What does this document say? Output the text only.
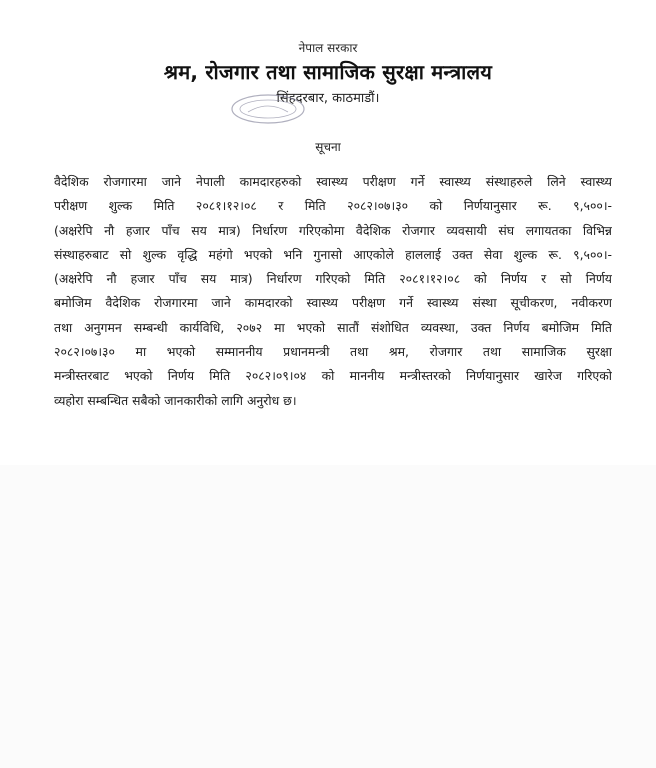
नेपाल सरकार
श्रम, रोजगार तथा सामाजिक सुरक्षा मन्त्रालय
सिंहदरबार, काठमाडौं।
सूचना
वैदेशिक रोजगारमा जाने नेपाली कामदारहरुको स्वास्थ्य परीक्षण गर्ने स्वास्थ्य संस्थाहरुले लिने स्वास्थ्य
परीक्षण शुल्क मिति २०८१।१२।०८ र मिति २०८२।०७।३० को निर्णयानुसार रू. ९,५००।-
(अक्षरेपि नौ हजार पाँच सय मात्र) निर्धारण गरिएकोमा वैदेशिक रोजगार व्यवसायी संघ लगायतका विभिन्न
संस्थाहरुबाट सो शुल्क वृद्धि महंगो भएको भनि गुनासो आएकोले हाललाई उक्त सेवा शुल्क रू. ९,५००।-
(अक्षरेपि नौ हजार पाँच सय मात्र) निर्धारण गरिएको मिति २०८१।१२।०८ को निर्णय र सो निर्णय
बमोजिम वैदेशिक रोजगारमा जाने कामदारको स्वास्थ्य परीक्षण गर्ने स्वास्थ्य संस्था सूचीकरण, नवीकरण
तथा अनुगमन सम्बन्धी कार्यविधि, २०७२ मा भएको सातौं संशोधित व्यवस्था, उक्त निर्णय बमोजिम मिति
२०८२।०७।३० मा भएको सम्माननीय प्रधानमन्त्री तथा श्रम, रोजगार तथा सामाजिक सुरक्षा
मन्त्रीस्तरबाट भएको निर्णय मिति २०८२।०९।०४ को माननीय मन्त्रीस्तरको निर्णयानुसार खारेज गरिएको
व्यहोरा सम्बन्धित सबैको जानकारीको लागि अनुरोध छ।
